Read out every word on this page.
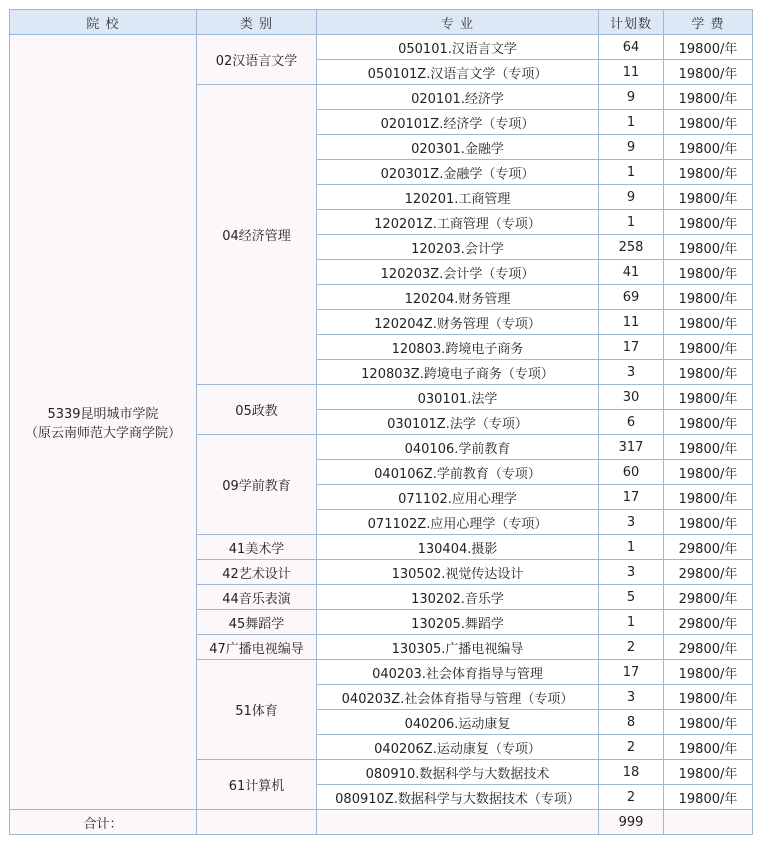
院 校	类 别	专 业	计划数	学 费

5339昆明城市学院
（原云南师范大学商学院）	02汉语言文学	050101.汉语言文学	64	19800/年
		050101Z.汉语言文学（专项）	11	19800/年
	04经济管理	020101.经济学	9	19800/年
		020101Z.经济学（专项）	1	19800/年
		020301.金融学	9	19800/年
		020301Z.金融学（专项）	1	19800/年
		120201.工商管理	9	19800/年
		120201Z.工商管理（专项）	1	19800/年
		120203.会计学	258	19800/年
		120203Z.会计学（专项）	41	19800/年
		120204.财务管理	69	19800/年
		120204Z.财务管理（专项）	11	19800/年
		120803.跨境电子商务	17	19800/年
		120803Z.跨境电子商务（专项）	3	19800/年
	05政教	030101.法学	30	19800/年
		030101Z.法学（专项）	6	19800/年
	09学前教育	040106.学前教育	317	19800/年
		040106Z.学前教育（专项）	60	19800/年
		071102.应用心理学	17	19800/年
		071102Z.应用心理学（专项）	3	19800/年
	41美术学	130404.摄影	1	29800/年
	42艺术设计	130502.视觉传达设计	3	29800/年
	44音乐表演	130202.音乐学	5	29800/年
	45舞蹈学	130205.舞蹈学	1	29800/年
	47广播电视编导	130305.广播电视编导	2	29800/年
	51体育	040203.社会体育指导与管理	17	19800/年
		040203Z.社会体育指导与管理（专项）	3	19800/年
		040206.运动康复	8	19800/年
		040206Z.运动康复（专项）	2	19800/年
	61计算机	080910.数据科学与大数据技术	18	19800/年
		080910Z.数据科学与大数据技术（专项）	2	19800/年
合计：			999	
